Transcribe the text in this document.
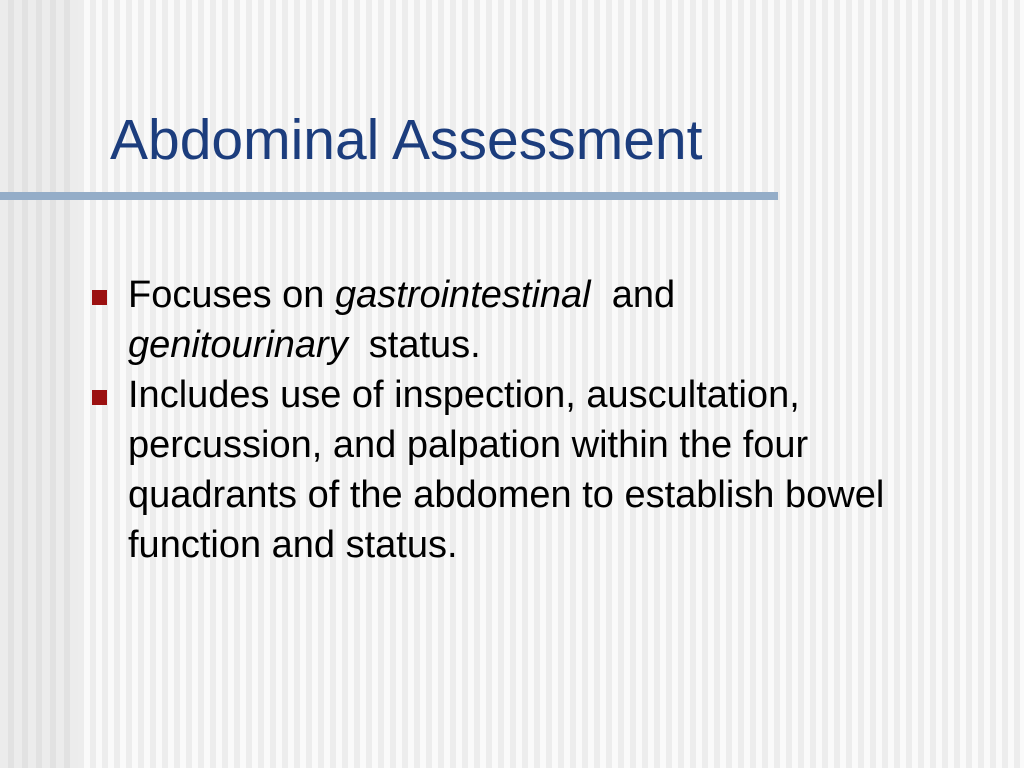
Abdominal Assessment
Focuses on gastrointestinal  and
genitourinary  status.
Includes use of inspection, auscultation, percussion, and palpation within the four quadrants of the abdomen to establish bowel function and status.
